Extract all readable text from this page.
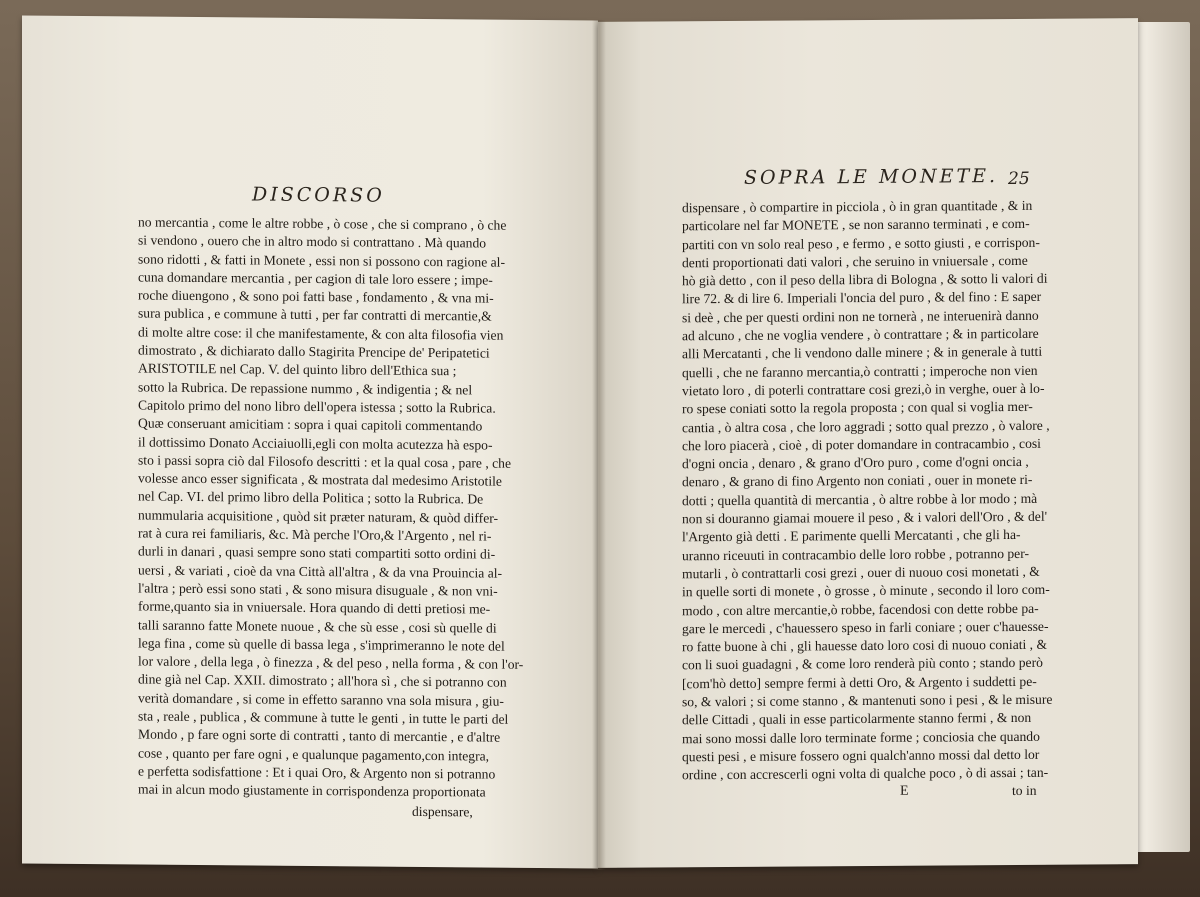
DISCORSO
no mercantia , come le altre robbe , ò cose , che si comprano , ò che
si vendono , ouero che in altro modo si contrattano . Mà quando
sono ridotti , & fatti in Monete , essi non si possono con ragione al-
cuna domandare mercantia , per cagion di tale loro essere ; impe-
roche diuengono , & sono poi fatti base , fondamento , & vna mi-
sura publica , e commune à tutti , per far contratti di mercantie,&
di molte altre cose: il che manifestamente, & con alta filosofia vien
dimostrato , & dichiarato dallo Stagirita Prencipe de' Peripatetici
ARISTOTILE nel Cap. V. del quinto libro dell'Ethica sua ;
sotto la Rubrica. De repassione nummo , & indigentia ; & nel
Capitolo primo del nono libro dell'opera istessa ; sotto la Rubrica.
Quæ conseruant amicitiam : sopra i quai capitoli commentando
il dottissimo Donato Acciaiuolli,egli con molta acutezza hà espo-
sto i passi sopra ciò dal Filosofo descritti : et la qual cosa , pare , che
volesse anco esser significata , & mostrata dal medesimo Aristotile
nel Cap. VI. del primo libro della Politica ; sotto la Rubrica. De
nummularia acquisitione , quòd sit præter naturam, & quòd differ-
rat à cura rei familiaris, &c. Mà perche l'Oro,& l'Argento , nel ri-
durli in danari , quasi sempre sono stati compartiti sotto ordini di-
uersi , & variati , cioè da vna Città all'altra , & da vna Prouincia al-
l'altra ; però essi sono stati , & sono misura disuguale , & non vni-
forme,quanto sia in vniuersale. Hora quando di detti pretiosi me-
talli saranno fatte Monete nuoue , & che sù esse , cosi sù quelle di
lega fina , come sù quelle di bassa lega , s'imprimeranno le note del
lor valore , della lega , ò finezza , & del peso , nella forma , & con l'or-
dine già nel Cap. XXII. dimostrato ; all'hora sì , che si potranno con
verità domandare , si come in effetto saranno vna sola misura , giu-
sta , reale , publica , & commune à tutte le genti , in tutte le parti del
Mondo , p fare ogni sorte di contratti , tanto di mercantie , e d'altre
cose , quanto per fare ogni , e qualunque pagamento,con integra,
e perfetta sodisfattione : Et i quai Oro, & Argento non si potranno
mai in alcun modo giustamente in corrispondenza proportionata
dispensare,
SOPRA LE MONETE. 25
dispensare , ò compartire in picciola , ò in gran quantitade , & in
particolare nel far MONETE , se non saranno terminati , e com-
partiti con vn solo real peso , e fermo , e sotto giusti , e corrispon-
denti proportionati dati valori , che seruino in vniuersale , come
hò già detto , con il peso della libra di Bologna , & sotto li valori di
lire 72. & di lire 6. Imperiali l'oncia del puro , & del fino : E saper
si deè , che per questi ordini non ne tornerà , ne interuenirà danno
ad alcuno , che ne voglia vendere , ò contrattare ; & in particolare
alli Mercatanti , che li vendono dalle minere ; & in generale à tutti
quelli , che ne faranno mercantia,ò contratti ; imperoche non vien
vietato loro , di poterli contrattare cosi grezi,ò in verghe, ouer à lo-
ro spese coniati sotto la regola proposta ; con qual si voglia mer-
cantia , ò altra cosa , che loro aggradi ; sotto qual prezzo , ò valore ,
che loro piacerà , cioè , di poter domandare in contracambio , cosi
d'ogni oncia , denaro , & grano d'Oro puro , come d'ogni oncia ,
denaro , & grano di fino Argento non coniati , ouer in monete ri-
dotti ; quella quantità di mercantia , ò altre robbe à lor modo ; mà
non si douranno giamai mouere il peso , & i valori dell'Oro , & del'
l'Argento già detti . E parimente quelli Mercatanti , che gli ha-
uranno riceuuti in contracambio delle loro robbe , potranno per-
mutarli , ò contrattarli cosi grezi , ouer di nuouo cosi monetati , &
in quelle sorti di monete , ò grosse , ò minute , secondo il loro com-
modo , con altre mercantie,ò robbe, facendosi con dette robbe pa-
gare le mercedi , c'hauessero speso in farli coniare ; ouer c'hauesse-
ro fatte buone à chi , gli hauesse dato loro cosi di nuouo coniati , &
con li suoi guadagni , & come loro renderà più conto ; stando però
[com'hò detto] sempre fermi à detti Oro, & Argento i suddetti pe-
so, & valori ; si come stanno , & mantenuti sono i pesi , & le misure
delle Cittadi , quali in esse particolarmente stanno fermi , & non
mai sono mossi dalle loro terminate forme ; conciosia che quando
questi pesi , e misure fossero ogni qualch'anno mossi dal detto lor
ordine , con accrescerli ogni volta di qualche poco , ò di assai ; tan-
E	to in
